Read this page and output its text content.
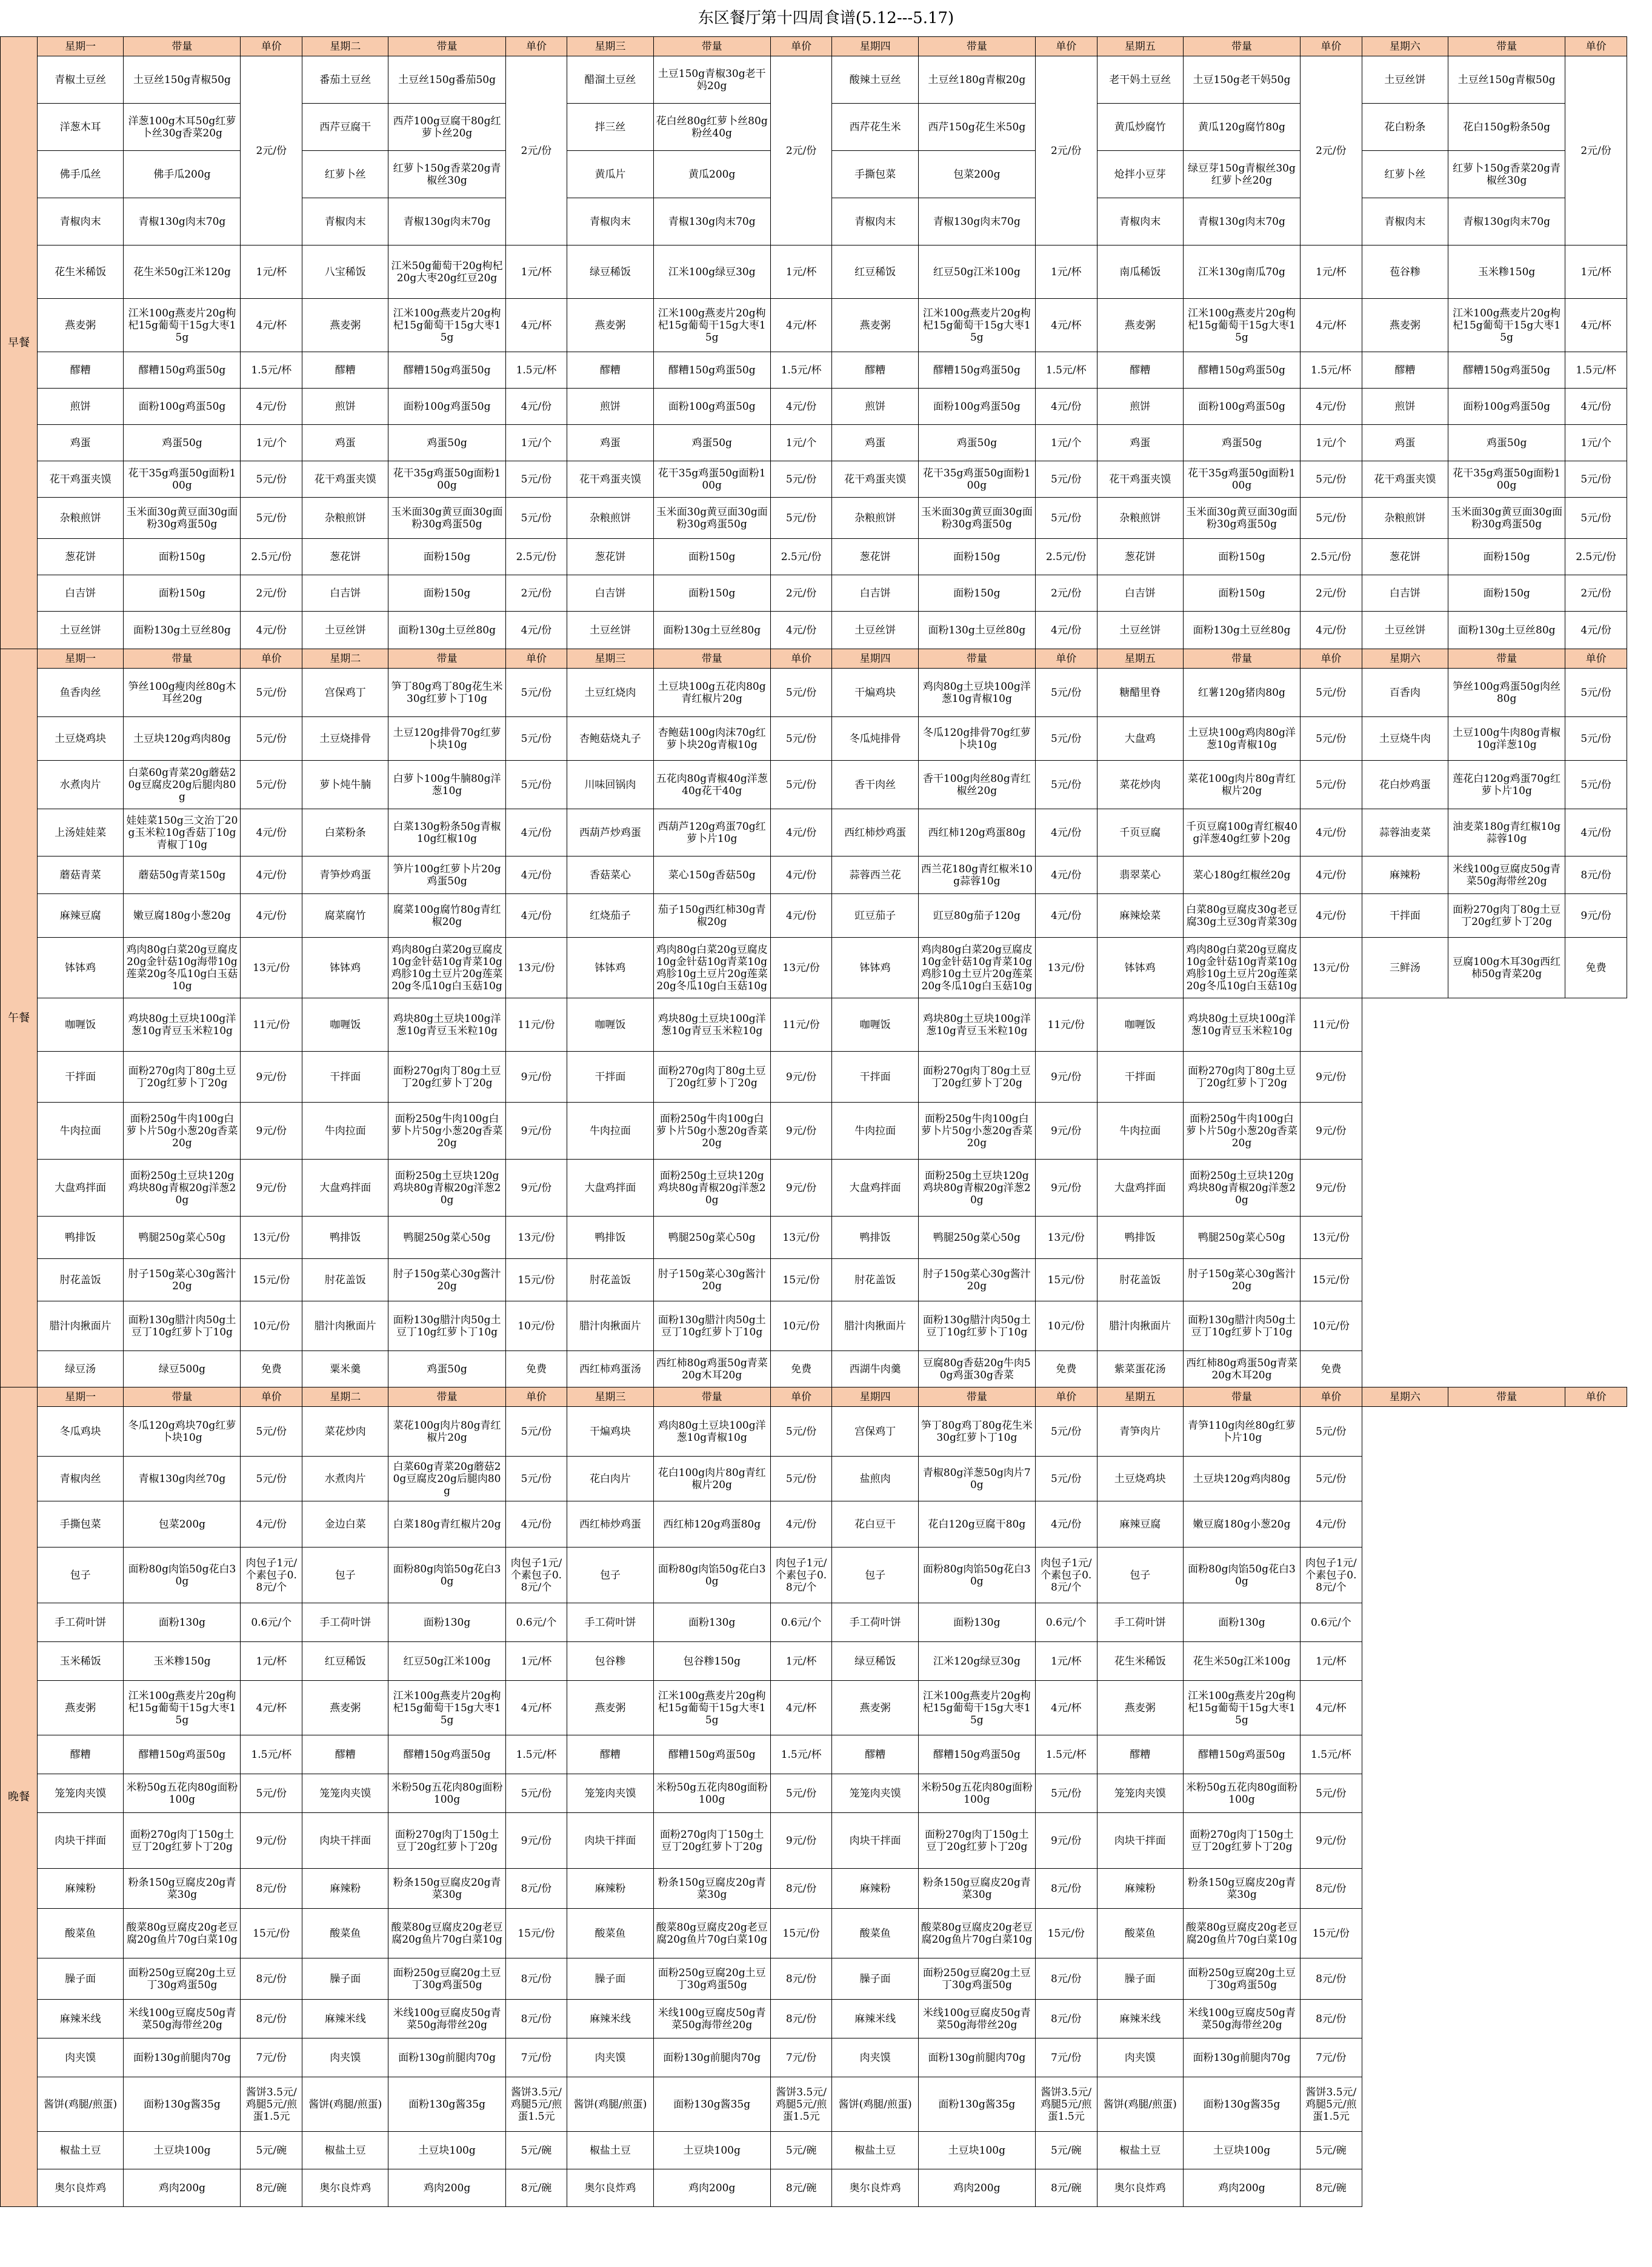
东区餐厅第十四周食谱(5.12---5.17)
早餐	星期一	带量	单价	星期二	带量	单价	星期三	带量	单价	星期四	带量	单价	星期五	带量	单价	星期六	带量	单价
	青椒土豆丝	土豆丝150g青椒50g	2元/份	番茄土豆丝	土豆丝150g番茄50g	2元/份	醋溜土豆丝	土豆150g青椒30g老干妈20g	2元/份	酸辣土豆丝	土豆丝180g青椒20g	2元/份	老干妈土豆丝	土豆150g老干妈50g	2元/份	土豆丝饼	土豆丝150g青椒50g	2元/份
	洋葱木耳	洋葱100g木耳50g红萝卜丝30g香菜20g		西芹豆腐干	西芹100g豆腐干80g红萝卜丝20g		拌三丝	花白丝80g红萝卜丝80g粉丝40g		西芹花生米	西芹150g花生米50g		黄瓜炒腐竹	黄瓜120g腐竹80g		花白粉条	花白150g粉条50g	
	佛手瓜丝	佛手瓜200g		红萝卜丝	红萝卜150g香菜20g青椒丝30g		黄瓜片	黄瓜200g		手撕包菜	包菜200g		炝拌小豆芽	绿豆芽150g青椒丝30g红萝卜丝20g		红萝卜丝	红萝卜150g香菜20g青椒丝30g	
	青椒肉末	青椒130g肉末70g		青椒肉末	青椒130g肉末70g		青椒肉末	青椒130g肉末70g		青椒肉末	青椒130g肉末70g		青椒肉末	青椒130g肉末70g		青椒肉末	青椒130g肉末70g	
	花生米稀饭	花生米50g江米120g	1元/杯	八宝稀饭	江米50g葡萄干20g枸杞20g大枣20g红豆20g	1元/杯	绿豆稀饭	江米100g绿豆30g	1元/杯	红豆稀饭	红豆50g江米100g	1元/杯	南瓜稀饭	江米130g南瓜70g	1元/杯	苞谷糁	玉米糁150g	1元/杯
	燕麦粥	江米100g燕麦片20g枸杞15g葡萄干15g大枣15g	4元/杯	燕麦粥	江米100g燕麦片20g枸杞15g葡萄干15g大枣15g	4元/杯	燕麦粥	江米100g燕麦片20g枸杞15g葡萄干15g大枣15g	4元/杯	燕麦粥	江米100g燕麦片20g枸杞15g葡萄干15g大枣15g	4元/杯	燕麦粥	江米100g燕麦片20g枸杞15g葡萄干15g大枣15g	4元/杯	燕麦粥	江米100g燕麦片20g枸杞15g葡萄干15g大枣15g	4元/杯
	醪糟	醪糟150g鸡蛋50g	1.5元/杯	醪糟	醪糟150g鸡蛋50g	1.5元/杯	醪糟	醪糟150g鸡蛋50g	1.5元/杯	醪糟	醪糟150g鸡蛋50g	1.5元/杯	醪糟	醪糟150g鸡蛋50g	1.5元/杯	醪糟	醪糟150g鸡蛋50g	1.5元/杯
	煎饼	面粉100g鸡蛋50g	4元/份	煎饼	面粉100g鸡蛋50g	4元/份	煎饼	面粉100g鸡蛋50g	4元/份	煎饼	面粉100g鸡蛋50g	4元/份	煎饼	面粉100g鸡蛋50g	4元/份	煎饼	面粉100g鸡蛋50g	4元/份
	鸡蛋	鸡蛋50g	1元/个	鸡蛋	鸡蛋50g	1元/个	鸡蛋	鸡蛋50g	1元/个	鸡蛋	鸡蛋50g	1元/个	鸡蛋	鸡蛋50g	1元/个	鸡蛋	鸡蛋50g	1元/个
	花干鸡蛋夹馍	花干35g鸡蛋50g面粉100g	5元/份	花干鸡蛋夹馍	花干35g鸡蛋50g面粉100g	5元/份	花干鸡蛋夹馍	花干35g鸡蛋50g面粉100g	5元/份	花干鸡蛋夹馍	花干35g鸡蛋50g面粉100g	5元/份	花干鸡蛋夹馍	花干35g鸡蛋50g面粉100g	5元/份	花干鸡蛋夹馍	花干35g鸡蛋50g面粉100g	5元/份
	杂粮煎饼	玉米面30g黄豆面30g面粉30g鸡蛋50g	5元/份	杂粮煎饼	玉米面30g黄豆面30g面粉30g鸡蛋50g	5元/份	杂粮煎饼	玉米面30g黄豆面30g面粉30g鸡蛋50g	5元/份	杂粮煎饼	玉米面30g黄豆面30g面粉30g鸡蛋50g	5元/份	杂粮煎饼	玉米面30g黄豆面30g面粉30g鸡蛋50g	5元/份	杂粮煎饼	玉米面30g黄豆面30g面粉30g鸡蛋50g	5元/份
	葱花饼	面粉150g	2.5元/份	葱花饼	面粉150g	2.5元/份	葱花饼	面粉150g	2.5元/份	葱花饼	面粉150g	2.5元/份	葱花饼	面粉150g	2.5元/份	葱花饼	面粉150g	2.5元/份
	白吉饼	面粉150g	2元/份	白吉饼	面粉150g	2元/份	白吉饼	面粉150g	2元/份	白吉饼	面粉150g	2元/份	白吉饼	面粉150g	2元/份	白吉饼	面粉150g	2元/份
	土豆丝饼	面粉130g土豆丝80g	4元/份	土豆丝饼	面粉130g土豆丝80g	4元/份	土豆丝饼	面粉130g土豆丝80g	4元/份	土豆丝饼	面粉130g土豆丝80g	4元/份	土豆丝饼	面粉130g土豆丝80g	4元/份	土豆丝饼	面粉130g土豆丝80g	4元/份
午餐	星期一	带量	单价	星期二	带量	单价	星期三	带量	单价	星期四	带量	单价	星期五	带量	单价	星期六	带量	单价
	鱼香肉丝	笋丝100g瘦肉丝80g木耳丝20g	5元/份	宫保鸡丁	笋丁80g鸡丁80g花生米30g红萝卜丁10g	5元/份	土豆红烧肉	土豆块100g五花肉80g青红椒片20g	5元/份	干煸鸡块	鸡肉80g土豆块100g洋葱10g青椒10g	5元/份	糖醋里脊	红薯120g猪肉80g	5元/份	百香肉	笋丝100g鸡蛋50g肉丝80g	5元/份
	土豆烧鸡块	土豆块120g鸡肉80g	5元/份	土豆烧排骨	土豆120g排骨70g红萝卜块10g	5元/份	杏鲍菇烧丸子	杏鲍菇100g肉沫70g红萝卜块20g青椒10g	5元/份	冬瓜炖排骨	冬瓜120g排骨70g红萝卜块10g	5元/份	大盘鸡	土豆块100g鸡肉80g洋葱10g青椒10g	5元/份	土豆烧牛肉	土豆100g牛肉80g青椒10g洋葱10g	5元/份
	水煮肉片	白菜60g青菜20g蘑菇20g豆腐皮20g后腿肉80g	5元/份	萝卜炖牛腩	白萝卜100g牛腩80g洋葱10g	5元/份	川味回锅肉	五花肉80g青椒40g洋葱40g花干40g	5元/份	香干肉丝	香干100g肉丝80g青红椒丝20g	5元/份	菜花炒肉	菜花100g肉片80g青红椒片20g	5元/份	花白炒鸡蛋	莲花白120g鸡蛋70g红萝卜片10g	5元/份
	上汤娃娃菜	娃娃菜150g三文治丁20g玉米粒10g香菇丁10g青椒丁10g	4元/份	白菜粉条	白菜130g粉条50g青椒10g红椒10g	4元/份	西葫芦炒鸡蛋	西葫芦120g鸡蛋70g红萝卜片10g	4元/份	西红柿炒鸡蛋	西红柿120g鸡蛋80g	4元/份	千页豆腐	千页豆腐100g青红椒40g洋葱40g红萝卜20g	4元/份	蒜蓉油麦菜	油麦菜180g青红椒10g蒜蓉10g	4元/份
	蘑菇青菜	蘑菇50g青菜150g	4元/份	青笋炒鸡蛋	笋片100g红萝卜片20g鸡蛋50g	4元/份	香菇菜心	菜心150g香菇50g	4元/份	蒜蓉西兰花	西兰花180g青红椒米10g蒜蓉10g	4元/份	翡翠菜心	菜心180g红椒丝20g	4元/份	麻辣粉	米线100g豆腐皮50g青菜50g海带丝20g	8元/份
	麻辣豆腐	嫩豆腐180g小葱20g	4元/份	腐菜腐竹	腐菜100g腐竹80g青红椒20g	4元/份	红烧茄子	茄子150g西红柿30g青椒20g	4元/份	豇豆茄子	豇豆80g茄子120g	4元/份	麻辣烩菜	白菜80g豆腐皮30g老豆腐30g土豆30g青菜30g	4元/份	干拌面	面粉270g肉丁80g土豆丁20g红萝卜丁20g	9元/份
	钵钵鸡	鸡肉80g白菜20g豆腐皮20g金针菇10g海带10g莲菜20g冬瓜10g白玉菇10g	13元/份	钵钵鸡	鸡肉80g白菜20g豆腐皮10g金针菇10g青菜10g鸡胗10g土豆片20g莲菜20g冬瓜10g白玉菇10g	13元/份	钵钵鸡	鸡肉80g白菜20g豆腐皮10g金针菇10g青菜10g鸡胗10g土豆片20g莲菜20g冬瓜10g白玉菇10g	13元/份	钵钵鸡	鸡肉80g白菜20g豆腐皮10g金针菇10g青菜10g鸡胗10g土豆片20g莲菜20g冬瓜10g白玉菇10g	13元/份	钵钵鸡	鸡肉80g白菜20g豆腐皮10g金针菇10g青菜10g鸡胗10g土豆片20g莲菜20g冬瓜10g白玉菇10g	13元/份	三鲜汤	豆腐100g木耳30g西红柿50g青菜20g	免费
	咖喱饭	鸡块80g土豆块100g洋葱10g青豆玉米粒10g	11元/份	咖喱饭	鸡块80g土豆块100g洋葱10g青豆玉米粒10g	11元/份	咖喱饭	鸡块80g土豆块100g洋葱10g青豆玉米粒10g	11元/份	咖喱饭	鸡块80g土豆块100g洋葱10g青豆玉米粒10g	11元/份	咖喱饭	鸡块80g土豆块100g洋葱10g青豆玉米粒10g	11元/份			
	干拌面	面粉270g肉丁80g土豆丁20g红萝卜丁20g	9元/份	干拌面	面粉270g肉丁80g土豆丁20g红萝卜丁20g	9元/份	干拌面	面粉270g肉丁80g土豆丁20g红萝卜丁20g	9元/份	干拌面	面粉270g肉丁80g土豆丁20g红萝卜丁20g	9元/份	干拌面	面粉270g肉丁80g土豆丁20g红萝卜丁20g	9元/份			
	牛肉拉面	面粉250g牛肉100g白萝卜片50g小葱20g香菜20g	9元/份	牛肉拉面	面粉250g牛肉100g白萝卜片50g小葱20g香菜20g	9元/份	牛肉拉面	面粉250g牛肉100g白萝卜片50g小葱20g香菜20g	9元/份	牛肉拉面	面粉250g牛肉100g白萝卜片50g小葱20g香菜20g	9元/份	牛肉拉面	面粉250g牛肉100g白萝卜片50g小葱20g香菜20g	9元/份			
	大盘鸡拌面	面粉250g土豆块120g鸡块80g青椒20g洋葱20g	9元/份	大盘鸡拌面	面粉250g土豆块120g鸡块80g青椒20g洋葱20g	9元/份	大盘鸡拌面	面粉250g土豆块120g鸡块80g青椒20g洋葱20g	9元/份	大盘鸡拌面	面粉250g土豆块120g鸡块80g青椒20g洋葱20g	9元/份	大盘鸡拌面	面粉250g土豆块120g鸡块80g青椒20g洋葱20g	9元/份			
	鸭排饭	鸭腿250g菜心50g	13元/份	鸭排饭	鸭腿250g菜心50g	13元/份	鸭排饭	鸭腿250g菜心50g	13元/份	鸭排饭	鸭腿250g菜心50g	13元/份	鸭排饭	鸭腿250g菜心50g	13元/份			
	肘花盖饭	肘子150g菜心30g酱汁20g	15元/份	肘花盖饭	肘子150g菜心30g酱汁20g	15元/份	肘花盖饭	肘子150g菜心30g酱汁20g	15元/份	肘花盖饭	肘子150g菜心30g酱汁20g	15元/份	肘花盖饭	肘子150g菜心30g酱汁20g	15元/份			
	腊汁肉揪面片	面粉130g腊汁肉50g土豆丁10g红萝卜丁10g	10元/份	腊汁肉揪面片	面粉130g腊汁肉50g土豆丁10g红萝卜丁10g	10元/份	腊汁肉揪面片	面粉130g腊汁肉50g土豆丁10g红萝卜丁10g	10元/份	腊汁肉揪面片	面粉130g腊汁肉50g土豆丁10g红萝卜丁10g	10元/份	腊汁肉揪面片	面粉130g腊汁肉50g土豆丁10g红萝卜丁10g	10元/份			
	绿豆汤	绿豆500g	免费	粟米羹	鸡蛋50g	免费	西红柿鸡蛋汤	西红柿80g鸡蛋50g青菜20g木耳20g	免费	西湖牛肉羹	豆腐80g香菇20g牛肉50g鸡蛋30g香菜	免费	紫菜蛋花汤	西红柿80g鸡蛋50g青菜20g木耳20g	免费			
晚餐	星期一	带量	单价	星期二	带量	单价	星期三	带量	单价	星期四	带量	单价	星期五	带量	单价	星期六	带量	单价
	冬瓜鸡块	冬瓜120g鸡块70g红萝卜块10g	5元/份	菜花炒肉	菜花100g肉片80g青红椒片20g	5元/份	干煸鸡块	鸡肉80g土豆块100g洋葱10g青椒10g	5元/份	宫保鸡丁	笋丁80g鸡丁80g花生米30g红萝卜丁10g	5元/份	青笋肉片	青笋110g肉丝80g红萝卜片10g	5元/份			
	青椒肉丝	青椒130g肉丝70g	5元/份	水煮肉片	白菜60g青菜20g蘑菇20g豆腐皮20g后腿肉80g	5元/份	花白肉片	花白100g肉片80g青红椒片20g	5元/份	盐煎肉	青椒80g洋葱50g肉片70g	5元/份	土豆烧鸡块	土豆块120g鸡肉80g	5元/份			
	手撕包菜	包菜200g	4元/份	金边白菜	白菜180g青红椒片20g	4元/份	西红柿炒鸡蛋	西红柿120g鸡蛋80g	4元/份	花白豆干	花白120g豆腐干80g	4元/份	麻辣豆腐	嫩豆腐180g小葱20g	4元/份			
	包子	面粉80g肉馅50g花白30g	肉包子1元/个素包子0.8元/个	包子	面粉80g肉馅50g花白30g	肉包子1元/个素包子0.8元/个	包子	面粉80g肉馅50g花白30g	肉包子1元/个素包子0.8元/个	包子	面粉80g肉馅50g花白30g	肉包子1元/个素包子0.8元/个	包子	面粉80g肉馅50g花白30g	肉包子1元/个素包子0.8元/个			
	手工荷叶饼	面粉130g	0.6元/个	手工荷叶饼	面粉130g	0.6元/个	手工荷叶饼	面粉130g	0.6元/个	手工荷叶饼	面粉130g	0.6元/个	手工荷叶饼	面粉130g	0.6元/个			
	玉米稀饭	玉米糁150g	1元/杯	红豆稀饭	红豆50g江米100g	1元/杯	包谷糁	包谷糁150g	1元/杯	绿豆稀饭	江米120g绿豆30g	1元/杯	花生米稀饭	花生米50g江米100g	1元/杯			
	燕麦粥	江米100g燕麦片20g枸杞15g葡萄干15g大枣15g	4元/杯	燕麦粥	江米100g燕麦片20g枸杞15g葡萄干15g大枣15g	4元/杯	燕麦粥	江米100g燕麦片20g枸杞15g葡萄干15g大枣15g	4元/杯	燕麦粥	江米100g燕麦片20g枸杞15g葡萄干15g大枣15g	4元/杯	燕麦粥	江米100g燕麦片20g枸杞15g葡萄干15g大枣15g	4元/杯			
	醪糟	醪糟150g鸡蛋50g	1.5元/杯	醪糟	醪糟150g鸡蛋50g	1.5元/杯	醪糟	醪糟150g鸡蛋50g	1.5元/杯	醪糟	醪糟150g鸡蛋50g	1.5元/杯	醪糟	醪糟150g鸡蛋50g	1.5元/杯			
	笼笼肉夹馍	米粉50g五花肉80g面粉100g	5元/份	笼笼肉夹馍	米粉50g五花肉80g面粉100g	5元/份	笼笼肉夹馍	米粉50g五花肉80g面粉100g	5元/份	笼笼肉夹馍	米粉50g五花肉80g面粉100g	5元/份	笼笼肉夹馍	米粉50g五花肉80g面粉100g	5元/份			
	肉块干拌面	面粉270g肉丁150g土豆丁20g红萝卜丁20g	9元/份	肉块干拌面	面粉270g肉丁150g土豆丁20g红萝卜丁20g	9元/份	肉块干拌面	面粉270g肉丁150g土豆丁20g红萝卜丁20g	9元/份	肉块干拌面	面粉270g肉丁150g土豆丁20g红萝卜丁20g	9元/份	肉块干拌面	面粉270g肉丁150g土豆丁20g红萝卜丁20g	9元/份			
	麻辣粉	粉条150g豆腐皮20g青菜30g	8元/份	麻辣粉	粉条150g豆腐皮20g青菜30g	8元/份	麻辣粉	粉条150g豆腐皮20g青菜30g	8元/份	麻辣粉	粉条150g豆腐皮20g青菜30g	8元/份	麻辣粉	粉条150g豆腐皮20g青菜30g	8元/份			
	酸菜鱼	酸菜80g豆腐皮20g老豆腐20g鱼片70g白菜10g	15元/份	酸菜鱼	酸菜80g豆腐皮20g老豆腐20g鱼片70g白菜10g	15元/份	酸菜鱼	酸菜80g豆腐皮20g老豆腐20g鱼片70g白菜10g	15元/份	酸菜鱼	酸菜80g豆腐皮20g老豆腐20g鱼片70g白菜10g	15元/份	酸菜鱼	酸菜80g豆腐皮20g老豆腐20g鱼片70g白菜10g	15元/份			
	臊子面	面粉250g豆腐20g土豆丁30g鸡蛋50g	8元/份	臊子面	面粉250g豆腐20g土豆丁30g鸡蛋50g	8元/份	臊子面	面粉250g豆腐20g土豆丁30g鸡蛋50g	8元/份	臊子面	面粉250g豆腐20g土豆丁30g鸡蛋50g	8元/份	臊子面	面粉250g豆腐20g土豆丁30g鸡蛋50g	8元/份			
	麻辣米线	米线100g豆腐皮50g青菜50g海带丝20g	8元/份	麻辣米线	米线100g豆腐皮50g青菜50g海带丝20g	8元/份	麻辣米线	米线100g豆腐皮50g青菜50g海带丝20g	8元/份	麻辣米线	米线100g豆腐皮50g青菜50g海带丝20g	8元/份	麻辣米线	米线100g豆腐皮50g青菜50g海带丝20g	8元/份			
	肉夹馍	面粉130g前腿肉70g	7元/份	肉夹馍	面粉130g前腿肉70g	7元/份	肉夹馍	面粉130g前腿肉70g	7元/份	肉夹馍	面粉130g前腿肉70g	7元/份	肉夹馍	面粉130g前腿肉70g	7元/份			
	酱饼(鸡腿/煎蛋)	面粉130g酱35g	酱饼3.5元/鸡腿5元/煎蛋1.5元	酱饼(鸡腿/煎蛋)	面粉130g酱35g	酱饼3.5元/鸡腿5元/煎蛋1.5元	酱饼(鸡腿/煎蛋)	面粉130g酱35g	酱饼3.5元/鸡腿5元/煎蛋1.5元	酱饼(鸡腿/煎蛋)	面粉130g酱35g	酱饼3.5元/鸡腿5元/煎蛋1.5元	酱饼(鸡腿/煎蛋)	面粉130g酱35g	酱饼3.5元/鸡腿5元/煎蛋1.5元			
	椒盐土豆	土豆块100g	5元/碗	椒盐土豆	土豆块100g	5元/碗	椒盐土豆	土豆块100g	5元/碗	椒盐土豆	土豆块100g	5元/碗	椒盐土豆	土豆块100g	5元/碗			
	奥尔良炸鸡	鸡肉200g	8元/碗	奥尔良炸鸡	鸡肉200g	8元/碗	奥尔良炸鸡	鸡肉200g	8元/碗	奥尔良炸鸡	鸡肉200g	8元/碗	奥尔良炸鸡	鸡肉200g	8元/碗			
